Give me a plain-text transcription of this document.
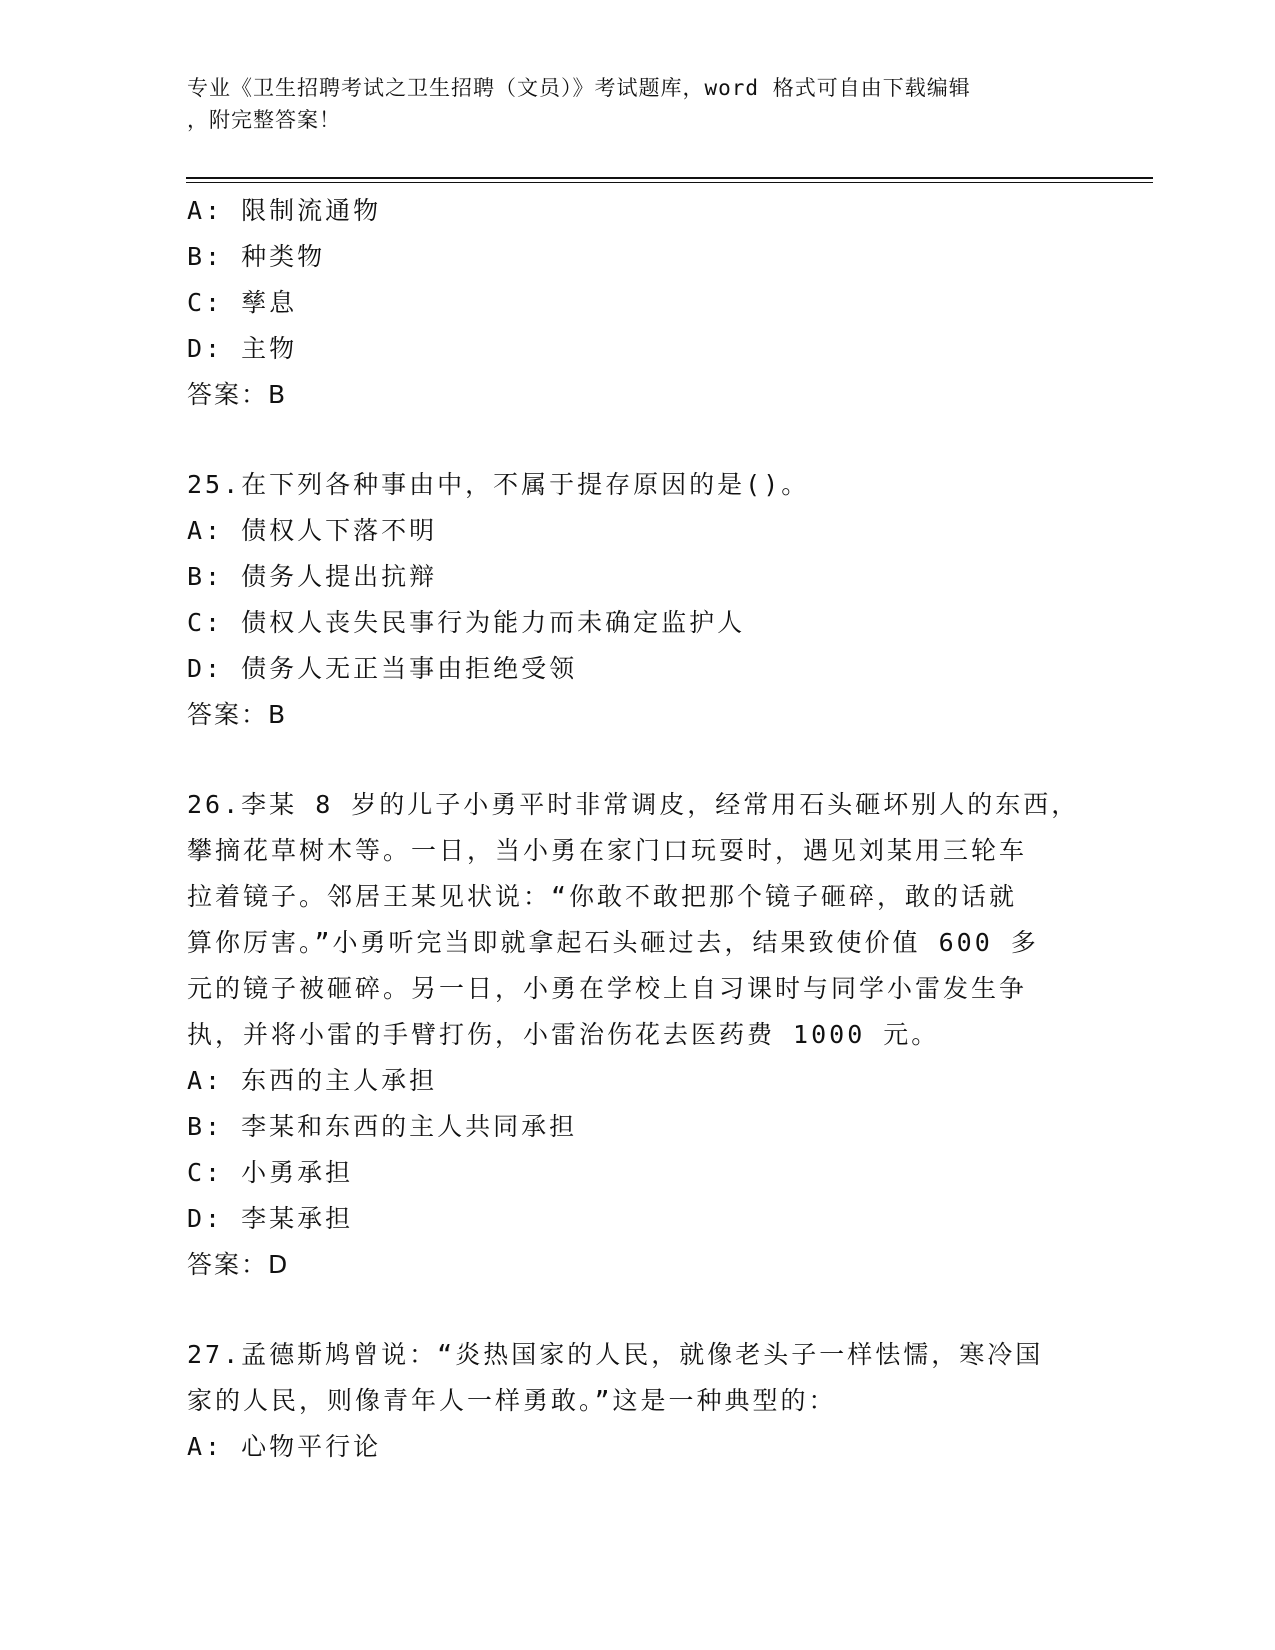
专业《卫生招聘考试之卫生招聘（文员）》考试题库，word 格式可自由下载编辑
，附完整答案！
A: 限制流通物
B: 种类物
C: 孳息
D: 主物
答案：B
25.在下列各种事由中，不属于提存原因的是()。
A: 债权人下落不明
B: 债务人提出抗辩
C: 债权人丧失民事行为能力而未确定监护人
D: 债务人无正当事由拒绝受领
答案：B
26.李某 8 岁的儿子小勇平时非常调皮，经常用石头砸坏别人的东西，
攀摘花草树木等。一日，当小勇在家门口玩耍时，遇见刘某用三轮车
拉着镜子。邻居王某见状说：“你敢不敢把那个镜子砸碎，敢的话就
算你厉害。”小勇听完当即就拿起石头砸过去，结果致使价值 600 多
元的镜子被砸碎。另一日，小勇在学校上自习课时与同学小雷发生争
执，并将小雷的手臂打伤，小雷治伤花去医药费 1000 元。
A: 东西的主人承担
B: 李某和东西的主人共同承担
C: 小勇承担
D: 李某承担
答案：D
27.孟德斯鸠曾说：“炎热国家的人民，就像老头子一样怯懦，寒冷国
家的人民，则像青年人一样勇敢。”这是一种典型的：
A: 心物平行论
